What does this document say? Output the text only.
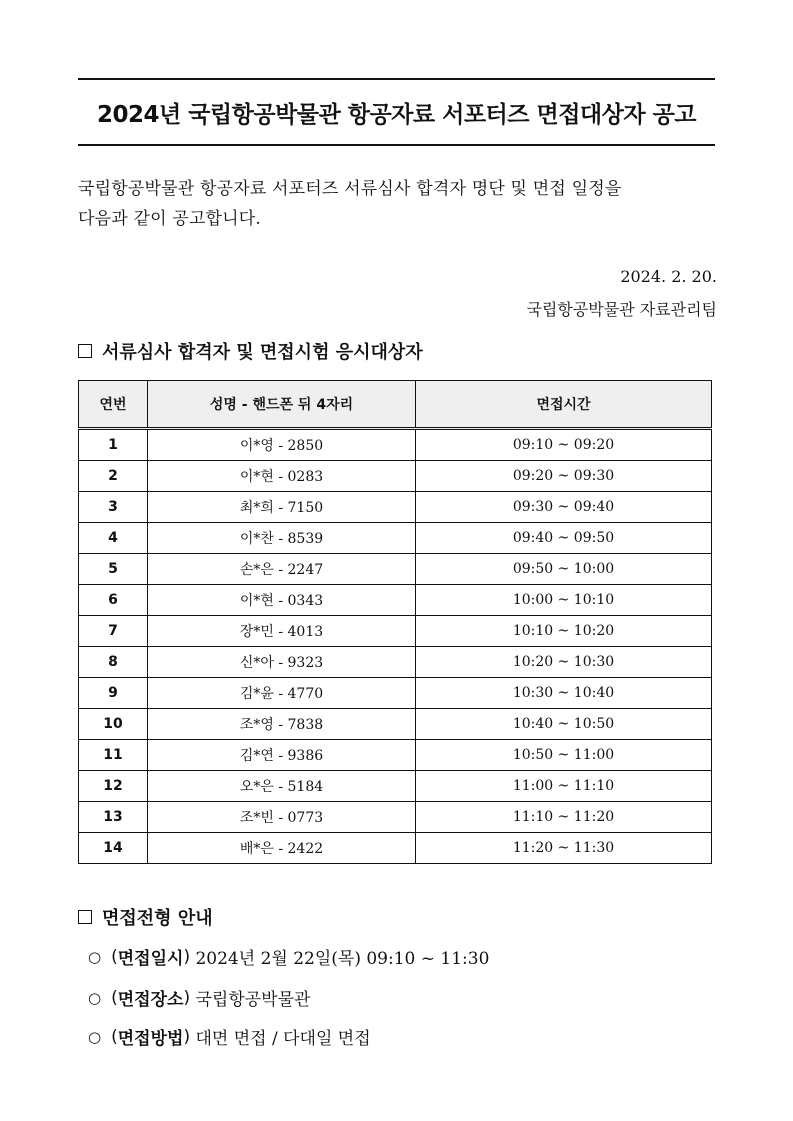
2024년 국립항공박물관 항공자료 서포터즈 면접대상자 공고
국립항공박물관 항공자료 서포터즈 서류심사 합격자 명단 및 면접 일정을
다음과 같이 공고합니다.
2024. 2. 20.
국립항공박물관 자료관리팀
서류심사 합격자 및 면접시험 응시대상자
연번	성명 - 핸드폰 뒤 4자리	면접시간
1	이*영 - 2850	09:10 ~ 09:20
2	이*현 - 0283	09:20 ~ 09:30
3	최*희 - 7150	09:30 ~ 09:40
4	이*찬 - 8539	09:40 ~ 09:50
5	손*은 - 2247	09:50 ~ 10:00
6	이*현 - 0343	10:00 ~ 10:10
7	장*민 - 4013	10:10 ~ 10:20
8	신*아 - 9323	10:20 ~ 10:30
9	김*윤 - 4770	10:30 ~ 10:40
10	조*영 - 7838	10:40 ~ 10:50
11	김*연 - 9386	10:50 ~ 11:00
12	오*은 - 5184	11:00 ~ 11:10
13	조*빈 - 0773	11:10 ~ 11:20
14	배*은 - 2422	11:20 ~ 11:30
면접전형 안내
○ ( 면접일시 )
2024년 2월 22일(목) 09:10 ~ 11:30
○ ( 면접장소 )
국립항공박물관
○ ( 면접방법 )
대면 면접 / 다대일 면접
